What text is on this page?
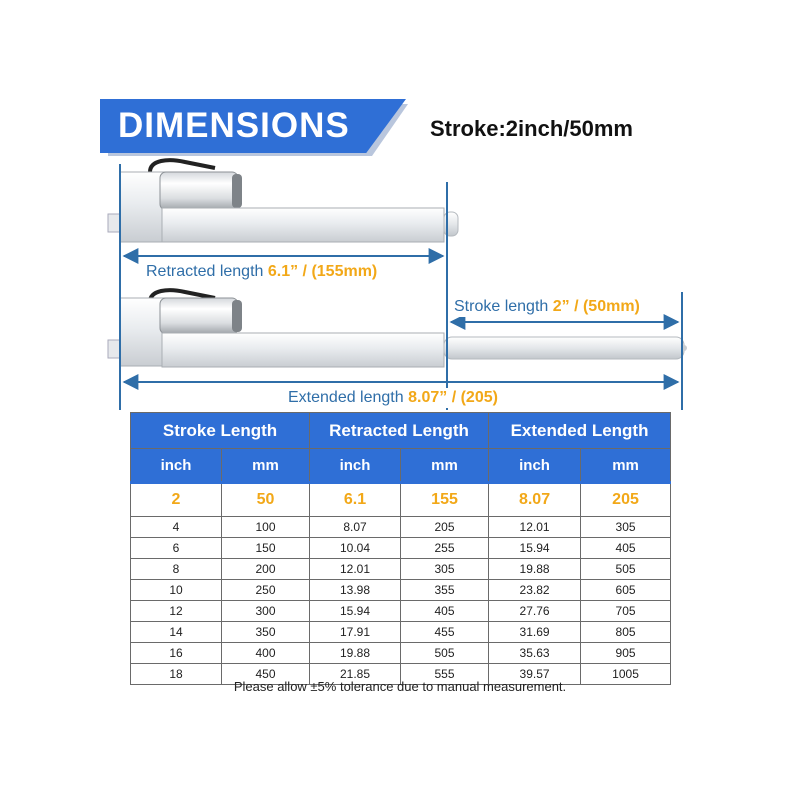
DIMENSIONS	Stroke:2inch/50mm
Retracted length 6.1” / (155mm)
Stroke length 2” / (50mm)
Extended length 8.07” / (205)
Stroke Length		Retracted Length		Extended Length	
inch	mm	inch	mm	inch	mm
2	50	6.1	155	8.07	205
4	100	8.07	205	12.01	305
6	150	10.04	255	15.94	405
8	200	12.01	305	19.88	505
10	250	13.98	355	23.82	605
12	300	15.94	405	27.76	705
14	350	17.91	455	31.69	805
16	400	19.88	505	35.63	905
18	450	21.85	555	39.57	1005
Please allow ±5% tolerance due to manual measurement.
